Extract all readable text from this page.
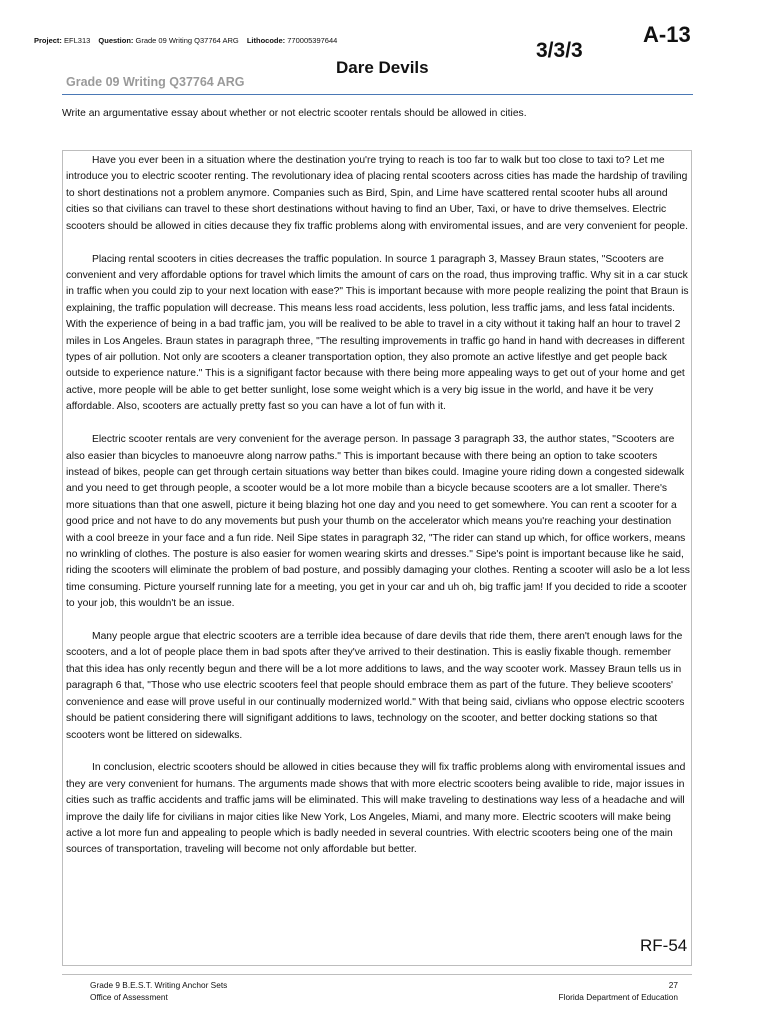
Project: EFL313 Question: Grade 09 Writing Q37764 ARG Lithocode: 770005397644	A-13
3/3/3
Dare Devils
Grade 09 Writing Q37764 ARG
Write an argumentative essay about whether or not electric scooter rentals should be allowed in cities.

Have you ever been in a situation where the destination you're trying to reach is too far to walk but too close to taxi to? Let me introduce you to electric scooter renting. The revolutionary idea of placing rental scooters across cities has made the hardship of traviling to short destinations not a problem anymore. Companies such as Bird, Spin, and Lime have scattered rental scooter hubs all around cities so that civilians can travel to these short destinations without having to find an Uber, Taxi, or have to drive themselves. Electric scooters should be allowed in cities decause they fix traffic problems along with enviromental issues, and are very convenient for people.

Placing rental scooters in cities decreases the traffic population. In source 1 paragraph 3, Massey Braun states, "Scooters are convenient and very affordable options for travel which limits the amount of cars on the road, thus improving traffic. Why sit in a car stuck in traffic when you could zip to your next location with ease?" This is important because with more people realizing the point that Braun is explaining, the traffic population will decrease. This means less road accidents, less polution, less traffic jams, and less fatal incidents. With the experience of being in a bad traffic jam, you will be realived to be able to travel in a city without it taking half an hour to travel 2 miles in Los Angeles. Braun states in paragraph three, "The resulting improvements in traffic go hand in hand with decreases in different types of air pollution. Not only are scooters a cleaner transportation option, they also promote an active lifestlye and get people back outside to experience nature." This is a signifigant factor because with there being more appealing ways to get out of your home and get active, more people will be able to get better sunlight, lose some weight which is a very big issue in the world, and have it be very affordable. Also, scooters are actually pretty fast so you can have a lot of fun with it.

Electric scooter rentals are very convenient for the average person. In passage 3 paragraph 33, the author states, "Scooters are also easier than bicycles to manoeuvre along narrow paths." This is important because with there being an option to take scooters instead of bikes, people can get through certain situations way better than bikes could. Imagine youre riding down a congested sidewalk and you need to get through people, a scooter would be a lot more mobile than a bicycle because scooters are a lot smaller. There's more situations than that one aswell, picture it being blazing hot one day and you need to get somewhere. You can rent a scooter for a good price and not have to do any movements but push your thumb on the accelerator which means you're reaching your destination with a cool breeze in your face and a fun ride. Neil Sipe states in paragraph 32, "The rider can stand up which, for office workers, means no wrinkling of clothes. The posture is also easier for women wearing skirts and dresses." Sipe's point is important because like he said, riding the scooters will eliminate the problem of bad posture, and possibly damaging your clothes. Renting a scooter will aslo be a lot less time consuming. Picture yourself running late for a meeting, you get in your car and uh oh, big traffic jam! If you decided to ride a scooter to your job, this wouldn't be an issue.

Many people argue that electric scooters are a terrible idea because of dare devils that ride them, there aren't enough laws for the scooters, and a lot of people place them in bad spots after they've arrived to their destination. This is easliy fixable though. remember that this idea has only recently begun and there will be a lot more additions to laws, and the way scooter work. Massey Braun tells us in paragraph 6 that, "Those who use electric scooters feel that people should embrace them as part of the future. They believe scooters' convenience and ease will prove useful in our continually modernized world." With that being said, civlians who oppose electric scooters should be patient considering there will signifigant additions to laws, technology on the scooter, and better docking stations so that scooters wont be littered on sidewalks.

In conclusion, electric scooters should be allowed in cities because they will fix traffic problems along with enviromental issues and they are very convenient for humans. The arguments made shows that with more electric scooters being avalible to ride, major issues in cities such as traffic accidents and traffic jams will be eliminated. This will make traveling to destinations way less of a headache and will improve the daily life for civilians in major cities like New York, Los Angeles, Miami, and many more. Electric scooters will make being active a lot more fun and appealing to people which is badly needed in several countries. With electric scooters being one of the main sources of transportation, traveling will become not only affordable but better.

RF-54
Grade 9 B.E.S.T. Writing Anchor Sets
Office of Assessment
27
Florida Department of Education
